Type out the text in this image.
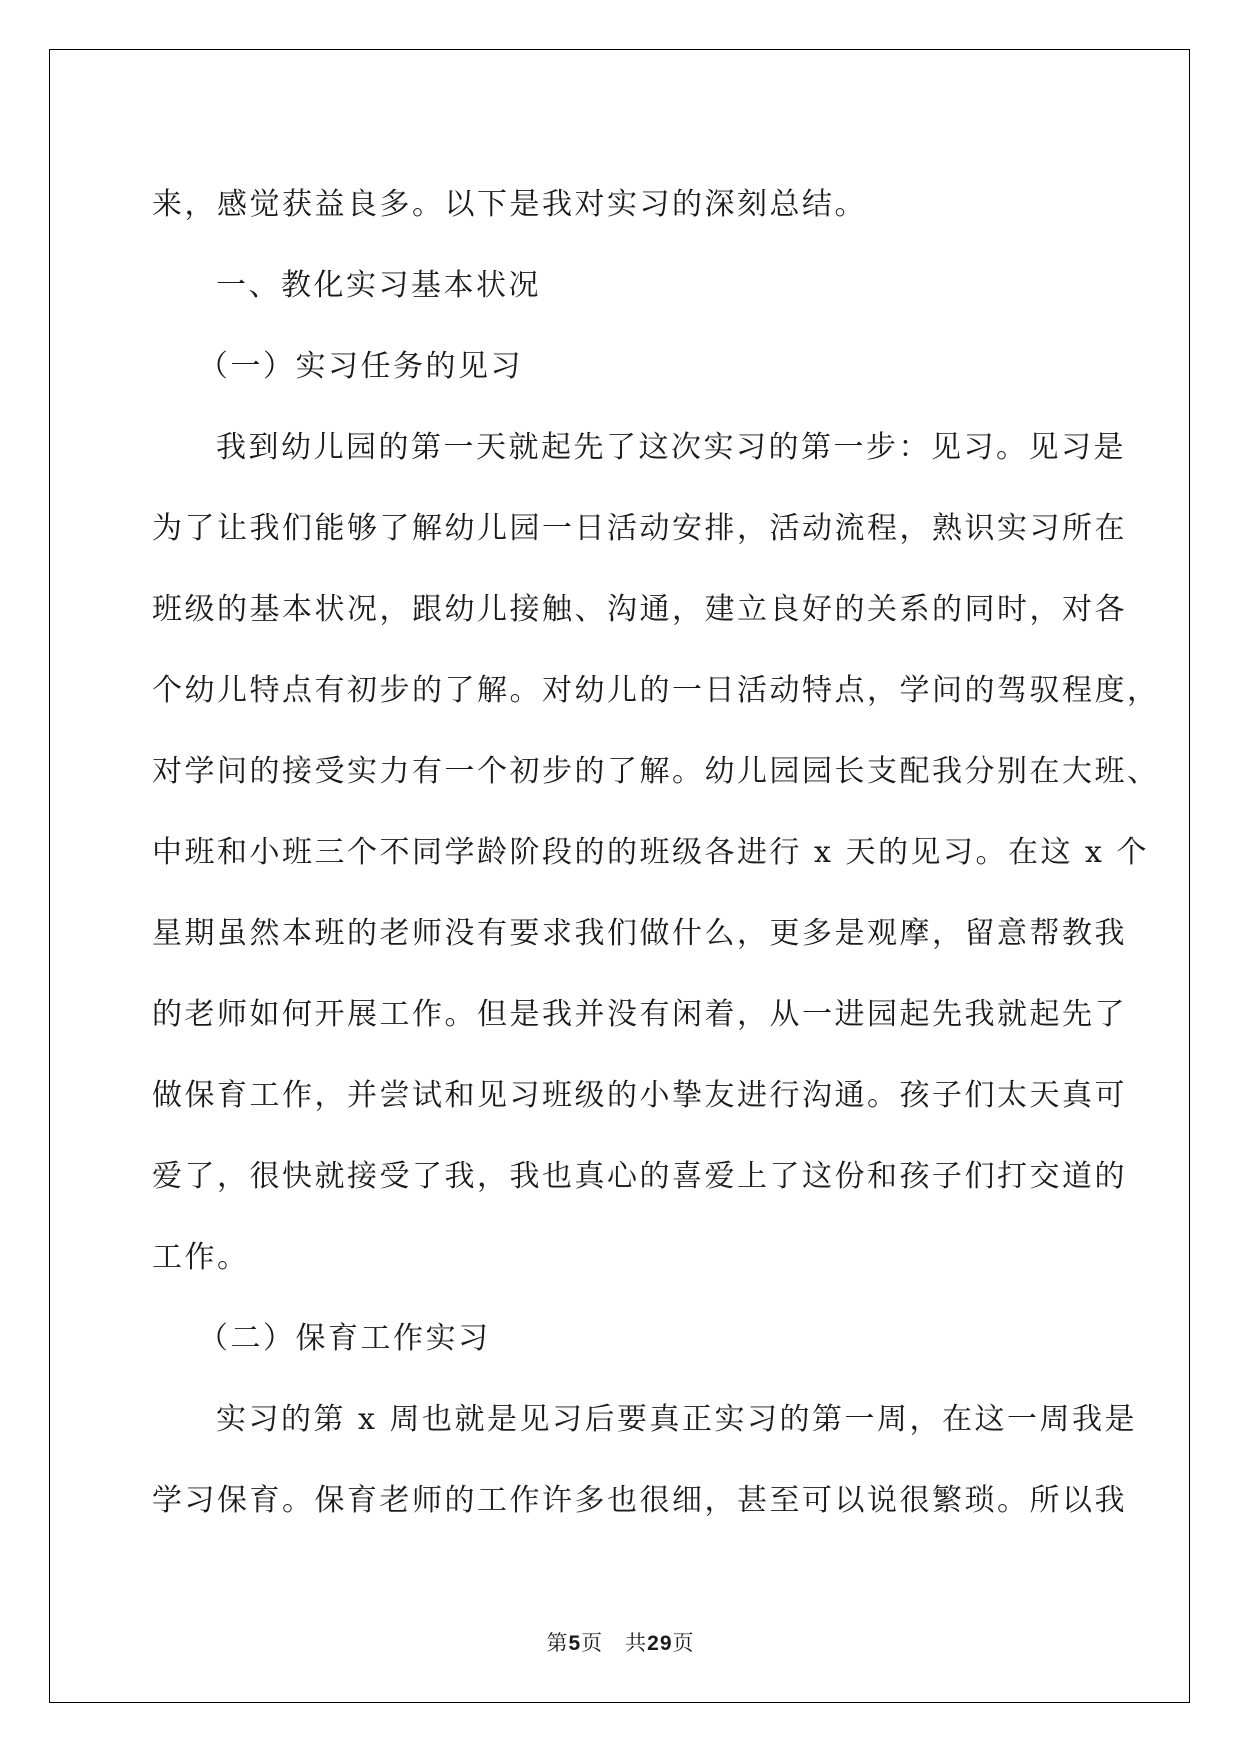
来，感觉获益良多。以下是我对实习的深刻总结。
一、教化实习基本状况
（一）实习任务的见习
我到幼儿园的第一天就起先了这次实习的第一步：见习。见习是
为了让我们能够了解幼儿园一日活动安排，活动流程，熟识实习所在
班级的基本状况，跟幼儿接触、沟通，建立良好的关系的同时，对各
个幼儿特点有初步的了解。对幼儿的一日活动特点，学问的驾驭程度，
对学问的接受实力有一个初步的了解。幼儿园园长支配我分别在大班、
中班和小班三个不同学龄阶段的的班级各进行 x 天的见习。在这 x 个
星期虽然本班的老师没有要求我们做什么，更多是观摩，留意帮教我
的老师如何开展工作。但是我并没有闲着，从一进园起先我就起先了
做保育工作，并尝试和见习班级的小挚友进行沟通。孩子们太天真可
爱了，很快就接受了我，我也真心的喜爱上了这份和孩子们打交道的
工作。
（二）保育工作实习
实习的第 x 周也就是见习后要真正实习的第一周，在这一周我是
学习保育。保育老师的工作许多也很细，甚至可以说很繁琐。所以我
第5页 共29页
